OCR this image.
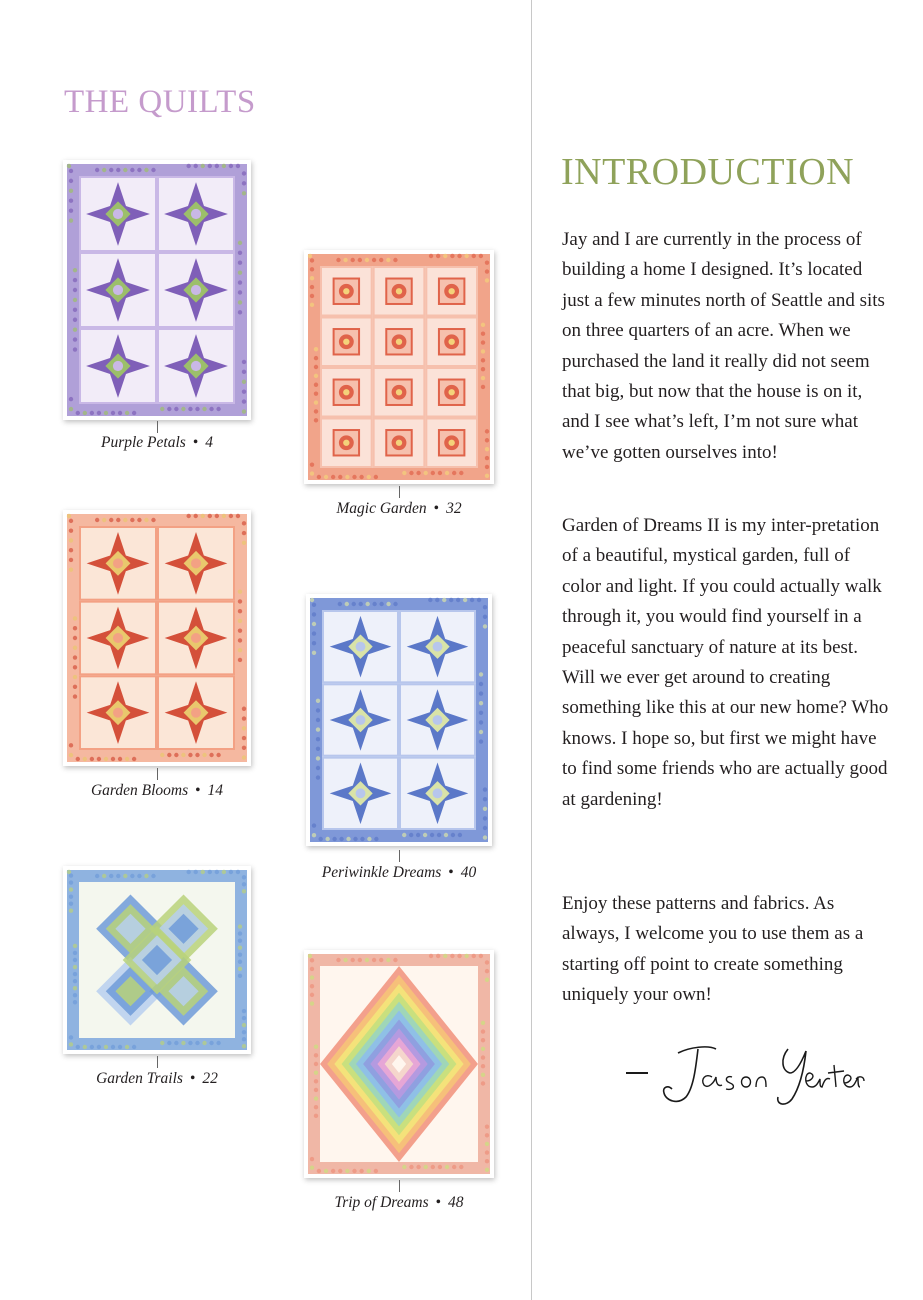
THE QUILTS
Purple Petals • 4
Magic Garden • 32
Garden Blooms • 14
Periwinkle Dreams • 40
Garden Trails • 22
Trip of Dreams • 48
INTRODUCTION

Jay and I are currently in the process of building a home I designed. It’s located just a few minutes north of Seattle and sits on three quarters of an acre. When we purchased the land it really did not seem that big, but now that the house is on it, and I see what’s left, I’m not sure what we’ve gotten ourselves into!

Garden of Dreams II is my inter-pretation of a beautiful, mystical garden, full of color and light. If you could actually walk through it, you would find yourself in a peaceful sanctuary of nature at its best. Will we ever get around to creating something like this at our new home? Who knows. I hope so, but first we might have to find some friends who are actually good at gardening!

Enjoy these patterns and fabrics. As always, I welcome you to use them as a starting off point to create something uniquely your own!
